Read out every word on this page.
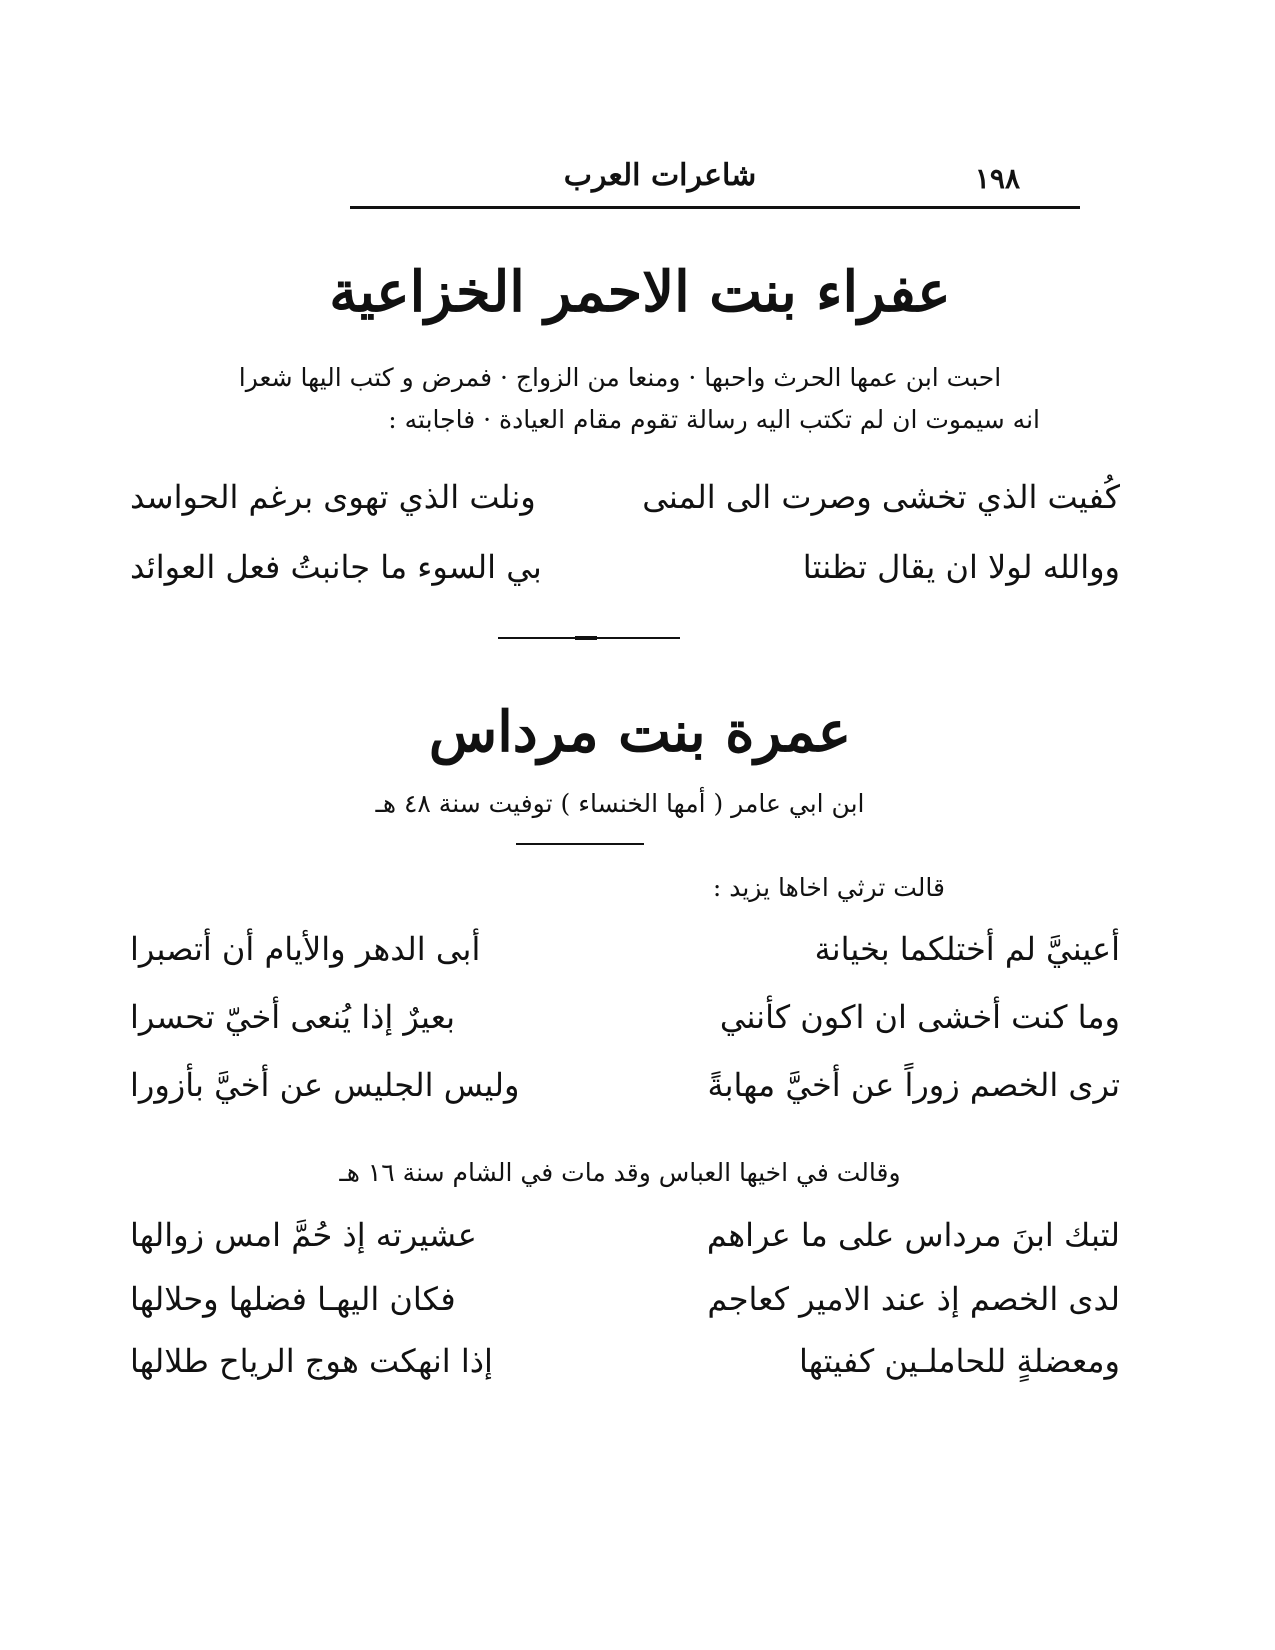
١٩٨
شاعرات العرب
عفراء بنت الاحمر الخزاعية
احبت ابن عمها الحرث واحبها · ومنعا من الزواج · فمرض و كتب اليها شعرا
انه سيموت ان لم تكتب اليه رسالة تقوم مقام العيادة · فاجابته :
كُفيت الذي تخشى وصرت الى المنى
ونلت الذي تهوى برغم الحواسد
ووالله لولا ان يقال تظنتا
بي السوء ما جانبتُ فعل العوائد
عمرة بنت مرداس
ابن ابي عامر ( أمها الخنساء ) توفيت سنة ٤٨ هـ
قالت ترثي اخاها يزيد :
أعينيَّ لم أختلكما بخيانة
أبى الدهر والأيام أن أتصبرا
وما كنت أخشى ان اكون كأنني
بعيرٌ إذا يُنعى أخيّ تحسرا
ترى الخصم زوراً عن أخيَّ مهابةً
وليس الجليس عن أخيَّ بأزورا
وقالت في اخيها العباس وقد مات في الشام سنة ١٦ هـ
لتبك ابنَ مرداس على ما عراهم
عشيرته إذ حُمَّ امس زوالها
لدى الخصم إذ عند الامير كعاجم
فكان اليهـا فضلها وحلالها
ومعضلةٍ للحاملـين كفيتها
إذا انهكت هوج الرياح طلالها
